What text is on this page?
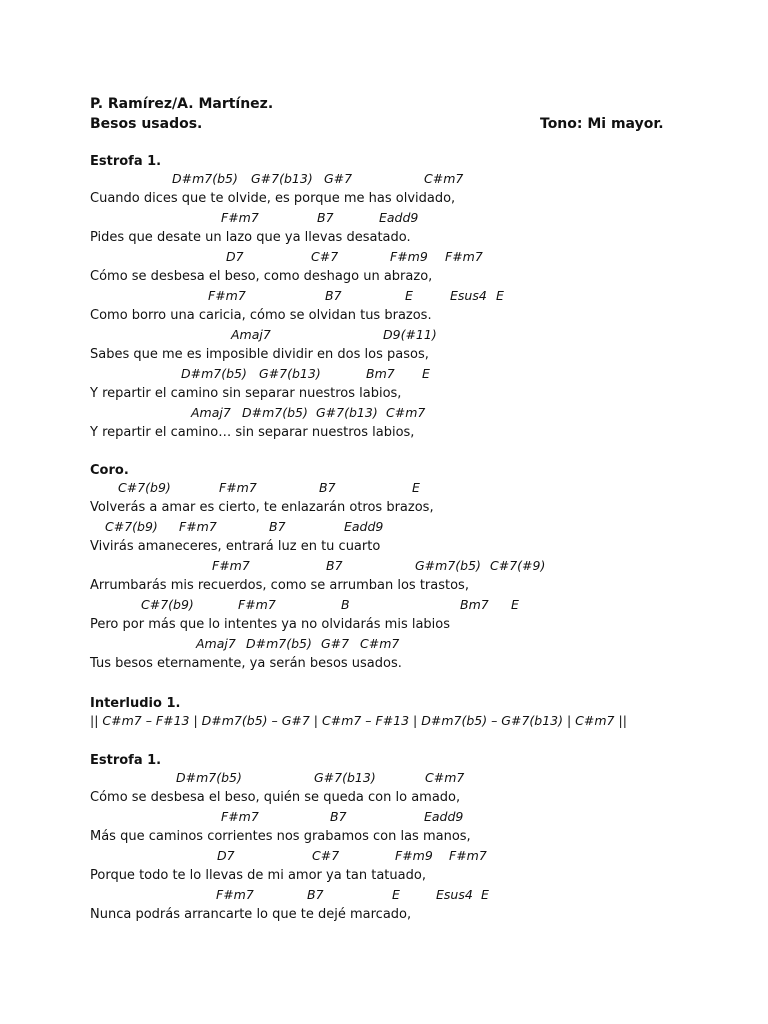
P. Ramírez/A. Martínez.
Besos usados.	Tono: Mi mayor.
Estrofa 1.
D#m7(b5) G#7(b13) G#7	C#m7
Cuando dices que te olvide, es porque me has olvidado,
F#m7	B7	Eadd9
Pides que desate un lazo que ya llevas desatado.
D7	C#7	F#m9 F#m7
Cómo se desbesa el beso, como deshago un abrazo,
F#m7	B7	E	Esus4 E
Como borro una caricia, cómo se olvidan tus brazos.
Amaj7	D9(#11)
Sabes que me es imposible dividir en dos los pasos,
D#m7(b5) G#7(b13)	Bm7 E
Y repartir el camino sin separar nuestros labios,
Amaj7 D#m7(b5) G#7(b13) C#m7
Y repartir el camino… sin separar nuestros labios,
Coro.
C#7(b9)	F#m7	B7	E
Volverás a amar es cierto, te enlazarán otros brazos,
C#7(b9) F#m7	B7	Eadd9
Vivirás amaneceres, entrará luz en tu cuarto
F#m7	B7	G#m7(b5) C#7(#9)
Arrumbarás mis recuerdos, como se arrumban los trastos,
C#7(b9)	F#m7	B	Bm7 E
Pero por más que lo intentes ya no olvidarás mis labios
Amaj7 D#m7(b5) G#7 C#m7
Tus besos eternamente, ya serán besos usados.
Interludio 1.
|| C#m7 – F#13 | D#m7(b5) – G#7 | C#m7 – F#13 | D#m7(b5) – G#7(b13) | C#m7 ||
Estrofa 1.
D#m7(b5)	G#7(b13)	C#m7
Cómo se desbesa el beso, quién se queda con lo amado,
F#m7	B7	Eadd9
Más que caminos corrientes nos grabamos con las manos,
D7	C#7	F#m9 F#m7
Porque todo te lo llevas de mi amor ya tan tatuado,
F#m7	B7	E	Esus4 E
Nunca podrás arrancarte lo que te dejé marcado,
